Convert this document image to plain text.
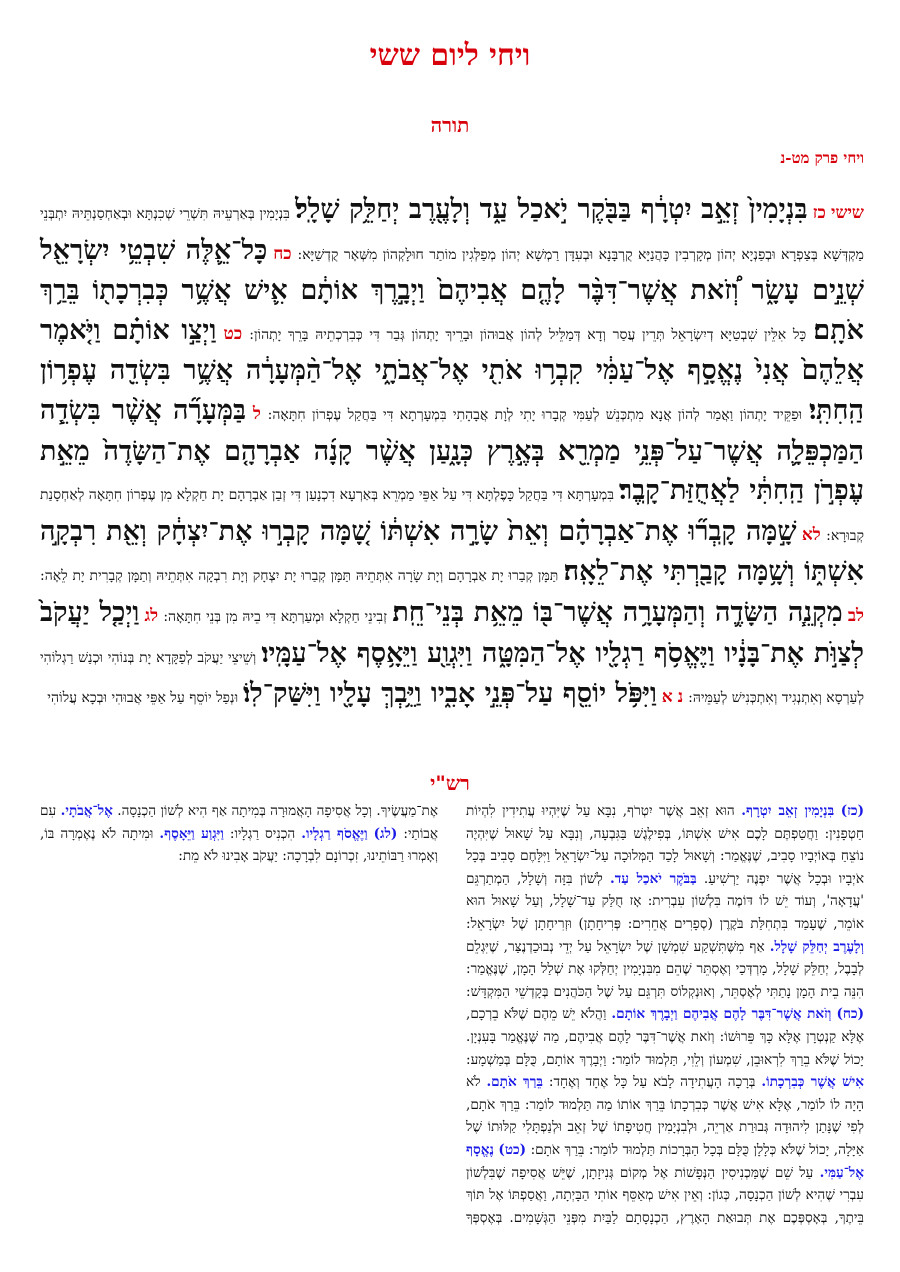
ויחי ליום ששי
תורה
ויחי פרק מט-נ
שישי כז בִּנְיָמִין֙ זְאֵ֣ב יִטְרָ֔ף בַּבֹּ֖קֶר יֹ֣אכַל עַ֑ד וְלָעֶ֖רֶב יְחַלֵּ֥ק שָׁלָֽל׃ בִּנְיָמִין בְּאַרְעֵיהּ תִּשְׁרֵי שְׁכִנְתָּא וּבְאַחְסַנְתֵּיהּ יִתְבְּנֵי מַקְדְּשָׁא בְּצַפְרָא וּבְפַנְיָא יְהוֹן מְקָרְבִין כָּהֲנַיָּא קֻרְבָּנָא וּבְעִדָּן רַמְשָׁא יְהוֹן מְפַלְּגִין מוֹתַר חוּלָקְהוֹן מִשְּׁאָר קֻדְשַׁיָּא: כח כָּל־אֵ֛לֶּה שִׁבְטֵ֥י יִשְׂרָאֵ֖ל שְׁנֵ֣ים עָשָׂ֑ר וְ֠זֹאת אֲשֶׁר־דִּבֶּ֨ר לָהֶ֤ם אֲבִיהֶם֙ וַיְבָ֣רֶךְ אוֹתָ֔ם אִ֛ישׁ אֲשֶׁ֥ר כְּבִרְכָת֖וֹ בֵּרַ֥ךְ אֹתָֽם׃ כָּל אִלֵּין שִׁבְטַיָּא דְיִשְׂרָאֵל תְּרֵין עֲסַר וְדָא דְּמַלֵּיל לְהוֹן אֲבוּהוֹן וּבָרֵיךְ יָתְהוֹן גְּבַר דִּי כְּבִרְכְתֵיהּ בָּרֵךְ יָתְהוֹן: כט וַיְצַ֣ו אוֹתָ֗ם וַיֹּ֤אמֶר אֲלֵהֶם֙ אֲנִי֙ נֶאֱסָ֣ף אֶל־עַמִּ֔י קִבְר֥וּ אֹתִ֖י אֶל־אֲבֹתָ֑י אֶל־הַ֨מְּעָרָ֔ה אֲשֶׁ֥ר בִּשְׂדֵ֖ה עֶפְר֥וֹן הַֽחִתִּֽי׃ וּפַקֵּיד יָתְהוֹן וַאֲמַר לְהוֹן אֲנָא מִתְכְּנֵשׁ לְעַמִּי קְבָרוּ יָתִי לְוָת אֲבָהָתִי בִּמְעָרְתָא דִּי בַּחֲקַל עֶפְרוֹן חִתָּאָה: ל בַּמְּעָרָ֞ה אֲשֶׁ֨ר בִּשְׂדֵ֧ה הַמַּכְפֵּלָ֛ה אֲשֶׁר־עַל־פְּנֵ֥י מַמְרֵ֖א בְּאֶ֣רֶץ כְּנָ֑עַן אֲשֶׁ֨ר קָנָ֜ה אַבְרָהָ֤ם אֶת־הַשָּׂדֶה֙ מֵאֵ֣ת עֶפְרֹ֣ן הַֽחִתִּ֔י לַאֲחֻזַּת־קָֽבֶר׃ בִּמְעָרְתָּא דִּי בַּחֲקַל כָּפֶלְתָּא דִּי עַל אַפֵּי מַמְרֵא בְּאַרְעָא דִכְנָעַן דִּי זְבַן אַבְרָהָם יָת חַקְלָא מִן עֶפְרוֹן חִתָּאָה לְאַחְסָנַת קְבוּרָא: לא שָׁ֣מָּה קָֽבְר֞וּ אֶת־אַבְרָהָ֗ם וְאֵת֙ שָׂרָ֣ה אִשְׁתּ֔וֹ שָׁ֚מָּה קָבְר֣וּ אֶת־יִצְחָ֔ק וְאֵ֖ת רִבְקָ֣ה אִשְׁתּ֑וֹ וְשָׁ֥מָּה קָבַ֖רְתִּי אֶת־לֵאָֽה׃ תַּמָּן קְבַרוּ יָת אַבְרָהָם וְיָת שָׂרָה אִתְּתֵיהּ תַּמָּן קְבַרוּ יָת יִצְחָק וְיָת רִבְקָה אִתְּתֵיהּ וְתַמָּן קְבָרִית יָת לֵאָה: לב מִקְנֵ֧ה הַשָּׂדֶ֛ה וְהַמְּעָרָ֥ה אֲשֶׁר־בּ֖וֹ מֵאֵ֥ת בְּנֵי־חֵֽת׃ זְבִינֵי חַקְלָא וּמְעַרְתָּא דִּי בֵיהּ מִן בְּנֵי חִתָּאָה: לג וַיְכַ֤ל יַעֲקֹב֙ לְצַוֺּ֣ת אֶת־בָּנָ֔יו וַיֶּאֱסֹ֥ף רַגְלָ֖יו אֶל־הַמִּטָּ֑ה וַיִּגְוַ֖ע וַיֵּאָ֥סֶף אֶל־עַמָּֽיו׃ וְשֵׁיצֵי יַעֲקֹב לְפַקָּדָא יָת בְּנוֹהִי וּכְנַשׁ רַגְלוֹהִי לְעַרְסָא וְאִתְנְגִיד וְאִתְכְּנִישׁ לְעַמֵּיהּ: נ א וַיִּפֹּ֥ל יוֹסֵ֖ף עַל־פְּנֵ֣י אָבִ֑יו וַיֵּ֥בְךְּ עָלָ֖יו וַיִּשַּׁק־לֽוֹ׃ וּנְפַל יוֹסֵף עַל אַפֵּי אֲבוּהִי וּבְכָא עֲלוֹהִי
רש"י
(כז) בִּנְיָמִין זְאֵב יִטְרָף. הוּא זְאֵב אֲשֶׁר יִטְרֹף, נִבָּא עַל שֶׁיִּהְיוּ עֲתִידִין לִהְיוֹת חַטְפָנִין: וַחֲטַפְתֶּם לָכֶם אִישׁ אִשְׁתּוֹ, בְּפִילֶגֶשׁ בַּגִּבְעָה, וְנִבָּא עַל שָׁאוּל שֶׁיִּהְיֶה נוֹצֵחַ בְּאוֹיְבָיו סָבִיב, שֶׁנֶּאֱמַר: וְשָׁאוּל לָכַד הַמְּלוּכָה עַל־יִשְׂרָאֵל וַיִּלָּחֶם סָבִיב בְּכָל אֹיְבָיו וּבְכָל אֲשֶׁר יִפְנֶה יַרְשִׁיעַ. בַּבֹּקֶר יֹאכַל עַד. לְשׁוֹן בִּזָּה וְשָׁלָל, הַמְתַרְגֵּם 'עֲדָאָה', וְעוֹד יֵשׁ לוֹ דּוֹמֶה בִּלְשׁוֹן עִבְרִית: אָז חֻלַּק עַד־שָׁלָל, וְעַל שָׁאוּל הוּא אוֹמֵר, שֶׁעָמַד בִּתְחִלַּת בֹּקֶרֶן (סְפָרִים אֲחֵרִים: פְּרִיחָתָן) וּזְרִיחָתָן שֶׁל יִשְׂרָאֵל: וְלָעֶרֶב יְחַלֵּק שָׁלָל. אַף מִשֶּׁתִּשְׁקַע שִׁמְשָׁן שֶׁל יִשְׂרָאֵל עַל יְדֵי נְבוּכַדְנֶצַּר, שֶׁיִּגְלֵם לְבָבֶל, יְחַלֵּק שָׁלָל, מָרְדְּכַי וְאֶסְתֵּר שֶׁהֵם מִבִּנְיָמִין יְחַלְּקוּ אֶת שְׁלַל הָמָן, שֶׁנֶּאֱמַר: הִנֵּה בֵית הָמָן נָתַתִּי לְאֶסְתֵּר, וְאוּנְקְלוֹס תִּרְגֵּם עַל שֶׁל הַכֹּהֲנִים בְּקָדְשֵׁי הַמִּקְדָּשׁ: (כח) וְזֹאת אֲשֶׁר־דִּבֶּר לָהֶם אֲבִיהֶם וַיְבָרֶךְ אוֹתָם. וַהֲלֹא יֵשׁ מֵהֶם שֶׁלֹּא בֵרְכָם, אֶלָּא קַנְטְרָן אֶלָּא כָּךְ פֵּרוּשׁוֹ: וְזֹאת אֲשֶׁר־דִּבֶּר לָהֶם אֲבִיהֶם, מַה שֶּׁנֶּאֱמַר בָּעִנְיָן. יָכוֹל שֶׁלֹּא בֵרַךְ לִרְאוּבֵן, שִׁמְעוֹן וְלֵוִי, תַּלְמוּד לוֹמַר: וַיְבָרֶךְ אוֹתָם, כֻּלָּם בְּמַשְׁמָע: אִישׁ אֲשֶׁר כְּבִרְכָתוֹ. בְּרָכָה הָעֲתִידָה לָבֹא עַל כָּל אֶחָד וְאֶחָד: בֵּרַךְ אֹתָם. לֹא הָיָה לוֹ לוֹמַר, אֶלָּא אִישׁ אֲשֶׁר כְּבִרְכָתוֹ בֵּרַךְ אוֹתוֹ מַה תַּלְמוּד לוֹמַר: בֵּרַךְ אֹתָם, לְפִי שֶׁנָּתַן לִיהוּדָה גְּבוּרַת אַרְיֵה, וּלְבִנְיָמִין חֲטִיפָתוֹ שֶׁל זְאֵב וּלְנַפְתָּלִי קַלּוּתוֹ שֶׁל אַיָּלָה, יָכוֹל שֶׁלֹּא כְּלָלָן כֻּלָּם בְּכָל הַבְּרָכוֹת תַּלְמוּד לוֹמַר: בֵּרַךְ אֹתָם: (כט) נֶאֱסָף אֶל־עַמִּי. עַל שֵׁם שֶׁמַּכְנִיסִין הַנְּפָשׁוֹת אֶל מְקוֹם גְּנִיזָתָן, שֶׁיֵּשׁ אֲסִיפָה שֶׁבִּלְשׁוֹן עִבְרִי שֶׁהִיא לְשׁוֹן הַכְנָסָה, כְּגוֹן: וְאֵין אִישׁ מְאַסֵּף אוֹתִי הַבָּיְתָה, וַאֲסַפְתּוֹ אֶל תּוֹךְ בֵּיתֶךָ, בְּאָסְפְּכֶם אֶת תְּבוּאַת הָאָרֶץ, הַכְנָסָתָם לַבַּיִת מִפְּנֵי הַגְּשָׁמִים. בְּאֶסְפְּךָ אֶת־מַעֲשֶׂיךָ. וְכָל אֲסִיפָה הָאֲמוּרָה בְּמִיתָה אַף הִיא לְשׁוֹן הַכְנָסָה. אֶל־אֲבֹתָי. עִם אֲבוֹתַי: (לג) וַיֶּאֱסֹף רַגְלָיו. הִכְנִיס רַגְלָיו: וַיִּגְוַע וַיֵּאָסֶף. וּמִיתָה לֹא נֶאֶמְרָה בּוֹ, וְאָמְרוּ רַבּוֹתֵינוּ, זִכְרוֹנָם לִבְרָכָה: יַעֲקֹב אָבִינוּ לֹא מֵת:
